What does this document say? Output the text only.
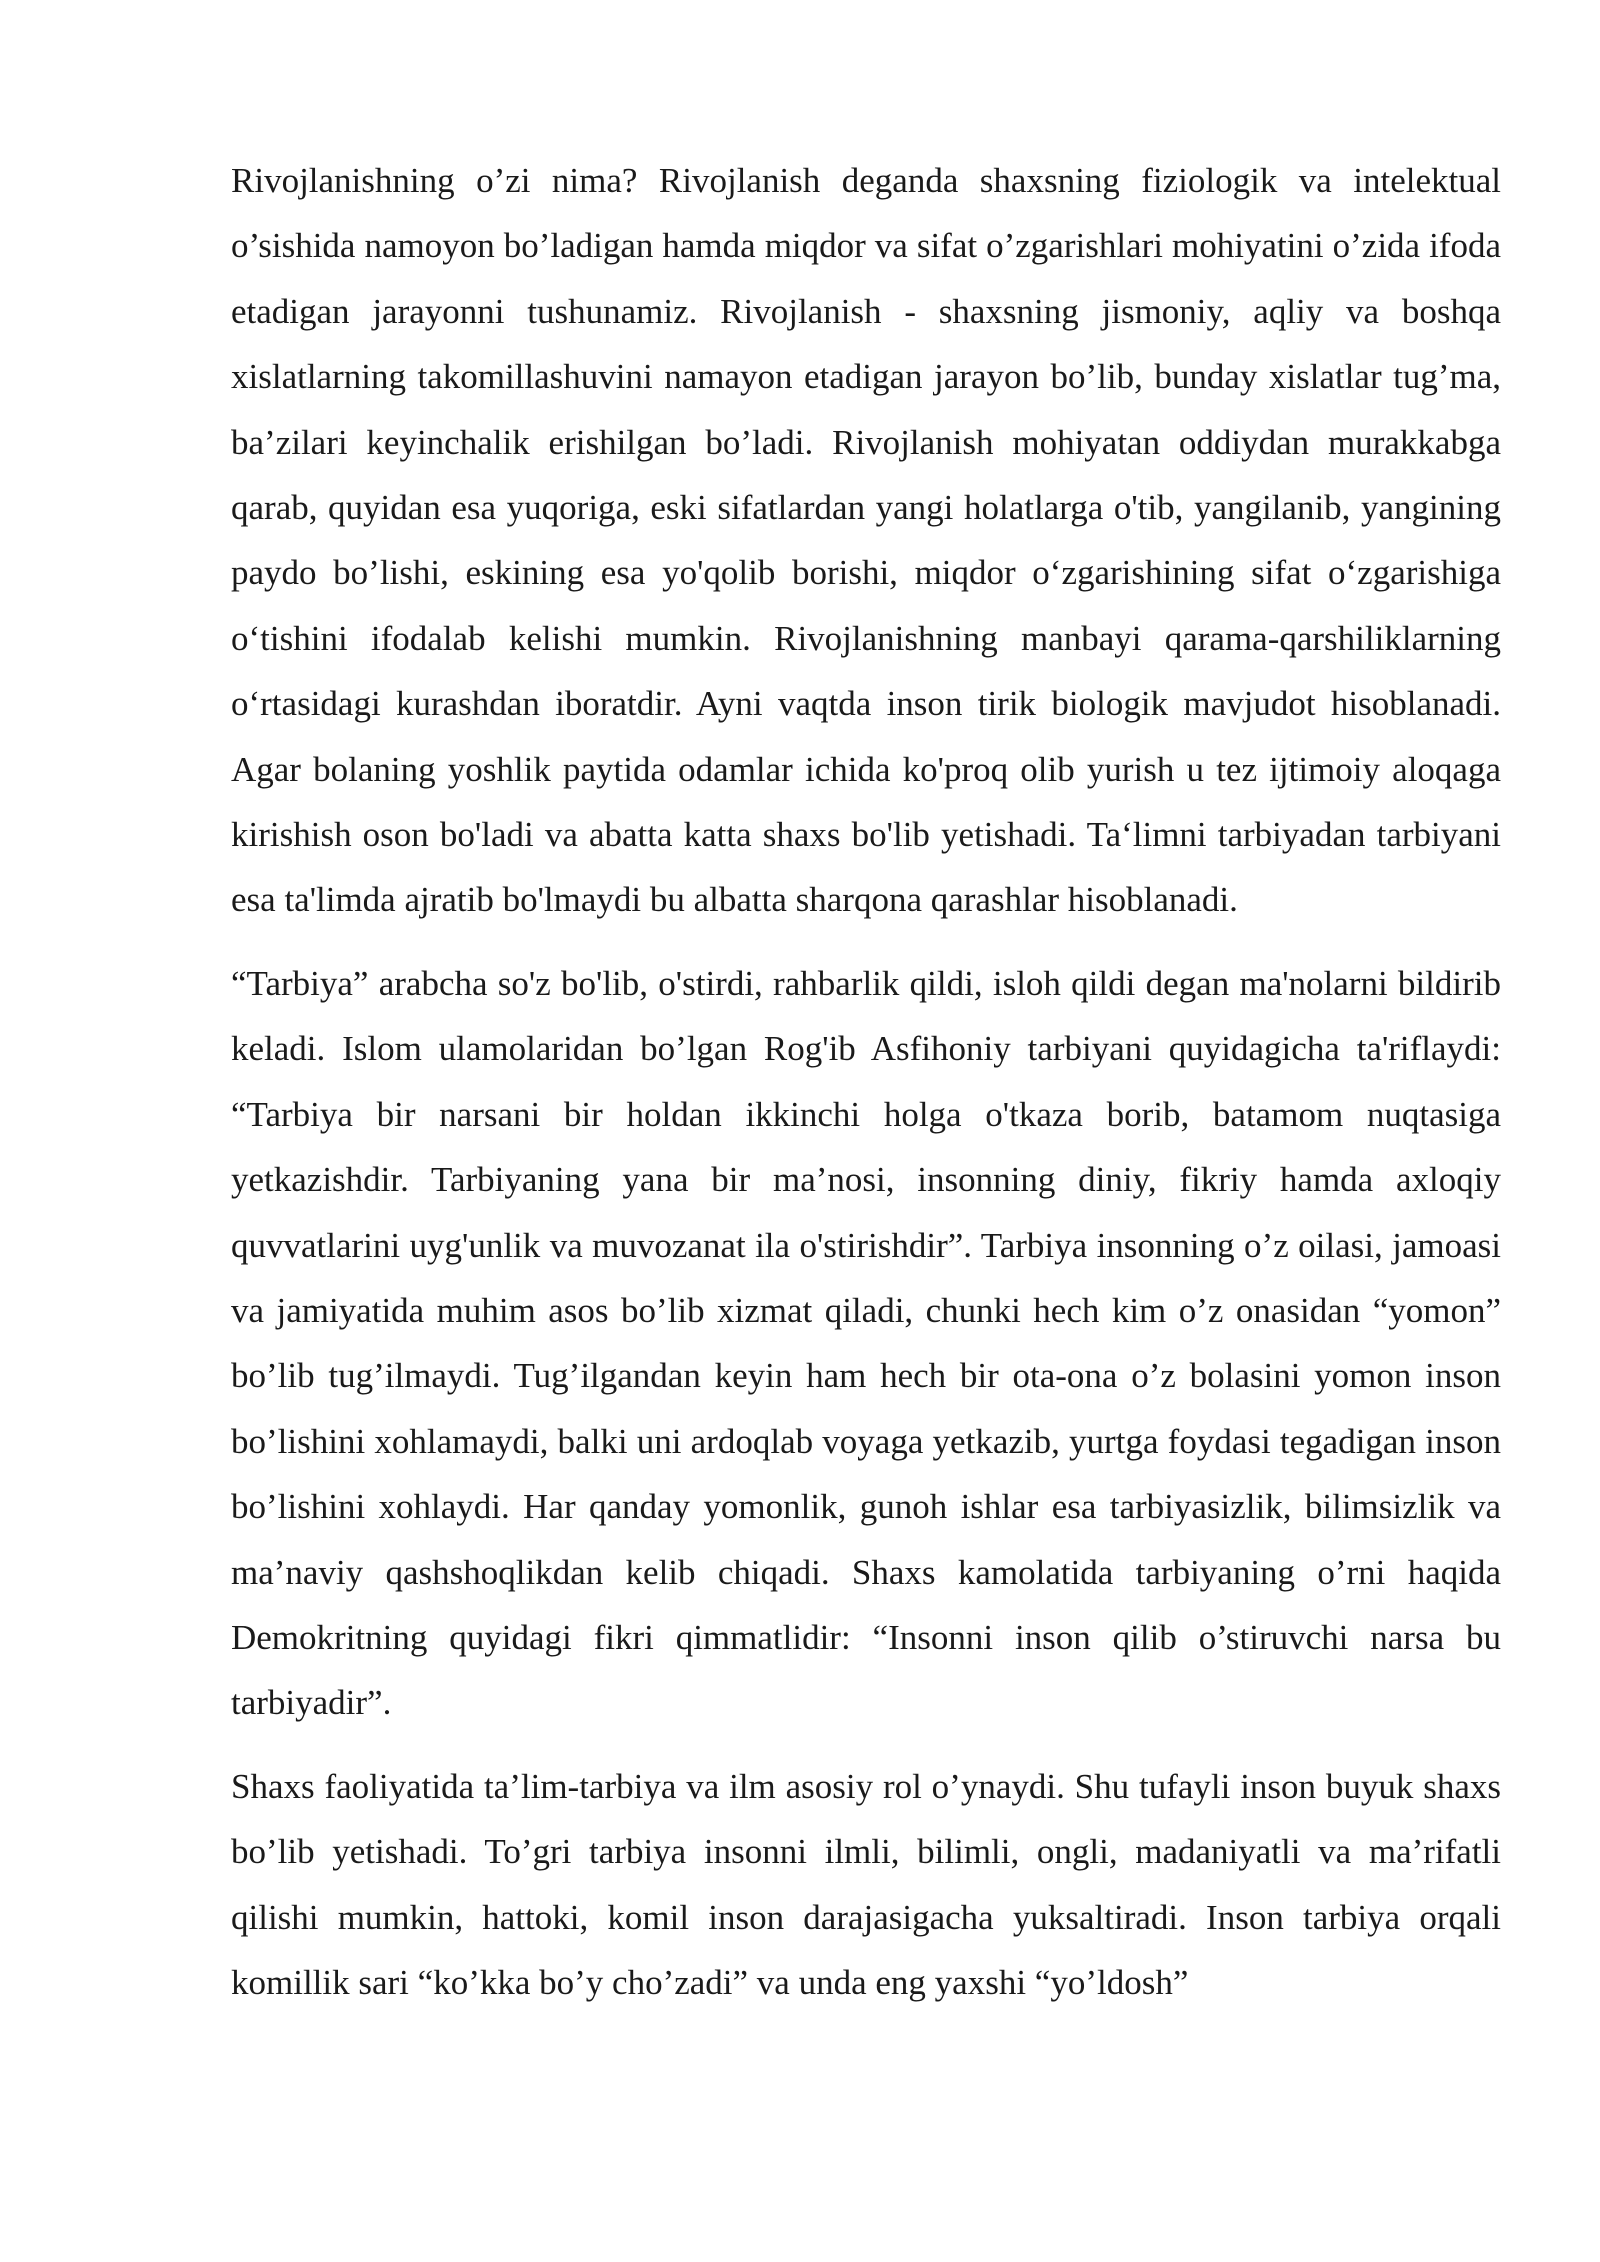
Rivojlanishning o’zi nima? Rivojlanish deganda shaxsning fiziologik va intelektual o’sishida namoyon bo’ladigan hamda miqdor va sifat o’zgarishlari mohiyatini o’zida ifoda etadigan jarayonni tushunamiz. Rivojlanish - shaxsning jismoniy, aqliy va boshqa xislatlarning takomillashuvini namayon etadigan jarayon bo’lib, bunday xislatlar tug’ma, ba’zilari keyinchalik erishilgan bo’ladi. Rivojlanish mohiyatan oddiydan murakkabga qarab, quyidan esa yuqoriga, eski sifatlardan yangi holatlarga o'tib, yangilanib, yangining paydo bo’lishi, eskining esa yo'qolib borishi, miqdor o‘zgarishining sifat o‘zgarishiga o‘tishini ifodalab kelishi mumkin. Rivojlanishning manbayi qarama-qarshiliklarning o‘rtasidagi kurashdan iboratdir. Ayni vaqtda inson tirik biologik mavjudot hisoblanadi. Agar bolaning yoshlik paytida odamlar ichida ko'proq olib yurish u tez ijtimoiy aloqaga kirishish oson bo'ladi va abatta katta shaxs bo'lib yetishadi. Ta‘limni tarbiyadan tarbiyani esa ta'limda ajratib bo'lmaydi bu albatta sharqona qarashlar hisoblanadi.

“Tarbiya” arabcha so'z bo'lib, o'stirdi, rahbarlik qildi, isloh qildi degan ma'nolarni bildirib keladi. Islom ulamolaridan bo’lgan Rog'ib Asfihoniy tarbiyani quyidagicha ta'riflaydi: “Tarbiya bir narsani bir holdan ikkinchi holga o'tkaza borib, batamom nuqtasiga yetkazishdir. Tarbiyaning yana bir ma’nosi, insonning diniy, fikriy hamda axloqiy quvvatlarini uyg'unlik va muvozanat ila o'stirishdir”. Tarbiya insonning o’z oilasi, jamoasi va jamiyatida muhim asos bo’lib xizmat qiladi, chunki hech kim o’z onasidan “yomon” bo’lib tug’ilmaydi. Tug’ilgandan keyin ham hech bir ota-ona o’z bolasini yomon inson bo’lishini xohlamaydi, balki uni ardoqlab voyaga yetkazib, yurtga foydasi tegadigan inson bo’lishini xohlaydi. Har qanday yomonlik, gunoh ishlar esa tarbiyasizlik, bilimsizlik va ma’naviy qashshoqlikdan kelib chiqadi. Shaxs kamolatida tarbiyaning o’rni haqida Demokritning quyidagi fikri qimmatlidir: “Insonni inson qilib o’stiruvchi narsa bu tarbiyadir”.

Shaxs faoliyatida ta’lim-tarbiya va ilm asosiy rol o’ynaydi. Shu tufayli inson buyuk shaxs bo’lib yetishadi. To’gri tarbiya insonni ilmli, bilimli, ongli, madaniyatli va ma’rifatli qilishi mumkin, hattoki, komil inson darajasigacha yuksaltiradi. Inson tarbiya orqali komillik sari “ko’kka bo’y cho’zadi” va unda eng yaxshi “yo’ldosh”
